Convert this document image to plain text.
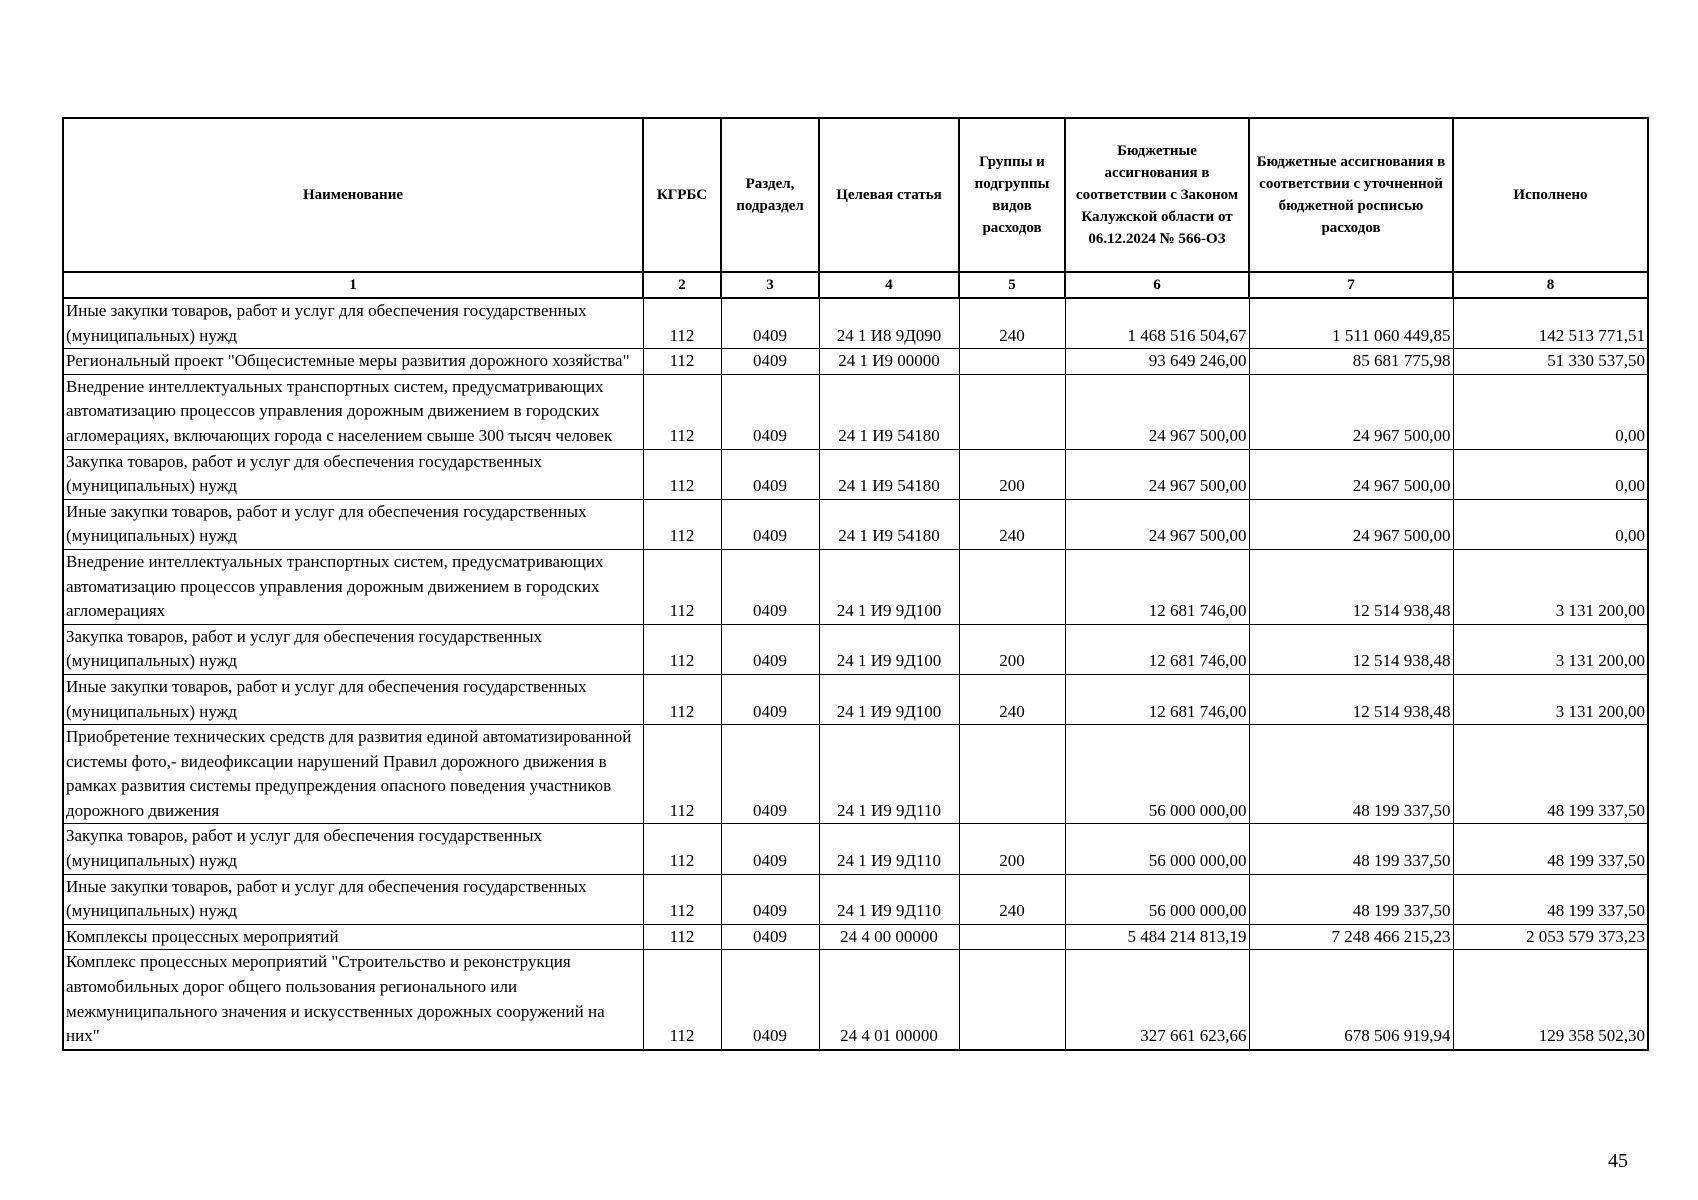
Наименование	КГРБС	Раздел, подраздел	Целевая статья	Группы и подгруппы видов расходов	Бюджетные ассигнования в соответствии с Законом Калужской области от 06.12.2024 № 566-ОЗ	Бюджетные ассигнования в соответствии с уточненной бюджетной росписью расходов	Исполнено
1	2	3	4	5	6	7	8
Иные закупки товаров, работ и услуг для обеспечения государственных (муниципальных) нужд	112	0409	24 1 И8 9Д090	240	1 468 516 504,67	1 511 060 449,85	142 513 771,51
Региональный проект "Общесистемные меры развития дорожного хозяйства"	112	0409	24 1 И9 00000		93 649 246,00	85 681 775,98	51 330 537,50
Внедрение интеллектуальных транспортных систем, предусматривающих автоматизацию процессов управления дорожным движением в городских агломерациях, включающих города с населением свыше 300 тысяч человек	112	0409	24 1 И9 54180		24 967 500,00	24 967 500,00	0,00
Закупка товаров, работ и услуг для обеспечения государственных (муниципальных) нужд	112	0409	24 1 И9 54180	200	24 967 500,00	24 967 500,00	0,00
Иные закупки товаров, работ и услуг для обеспечения государственных (муниципальных) нужд	112	0409	24 1 И9 54180	240	24 967 500,00	24 967 500,00	0,00
Внедрение интеллектуальных транспортных систем, предусматривающих автоматизацию процессов управления дорожным движением в городских агломерациях	112	0409	24 1 И9 9Д100		12 681 746,00	12 514 938,48	3 131 200,00
Закупка товаров, работ и услуг для обеспечения государственных (муниципальных) нужд	112	0409	24 1 И9 9Д100	200	12 681 746,00	12 514 938,48	3 131 200,00
Иные закупки товаров, работ и услуг для обеспечения государственных (муниципальных) нужд	112	0409	24 1 И9 9Д100	240	12 681 746,00	12 514 938,48	3 131 200,00
Приобретение технических средств для развития единой автоматизированной системы фото,- видеофиксации нарушений Правил дорожного движения в рамках развития системы предупреждения опасного поведения участников дорожного движения	112	0409	24 1 И9 9Д110		56 000 000,00	48 199 337,50	48 199 337,50
Закупка товаров, работ и услуг для обеспечения государственных (муниципальных) нужд	112	0409	24 1 И9 9Д110	200	56 000 000,00	48 199 337,50	48 199 337,50
Иные закупки товаров, работ и услуг для обеспечения государственных (муниципальных) нужд	112	0409	24 1 И9 9Д110	240	56 000 000,00	48 199 337,50	48 199 337,50
Комплексы процессных мероприятий	112	0409	24 4 00 00000		5 484 214 813,19	7 248 466 215,23	2 053 579 373,23
Комплекс процессных мероприятий "Строительство и реконструкция автомобильных дорог общего пользования регионального или межмуниципального значения и искусственных дорожных сооружений на них"	112	0409	24 4 01 00000		327 661 623,66	678 506 919,94	129 358 502,30
45
